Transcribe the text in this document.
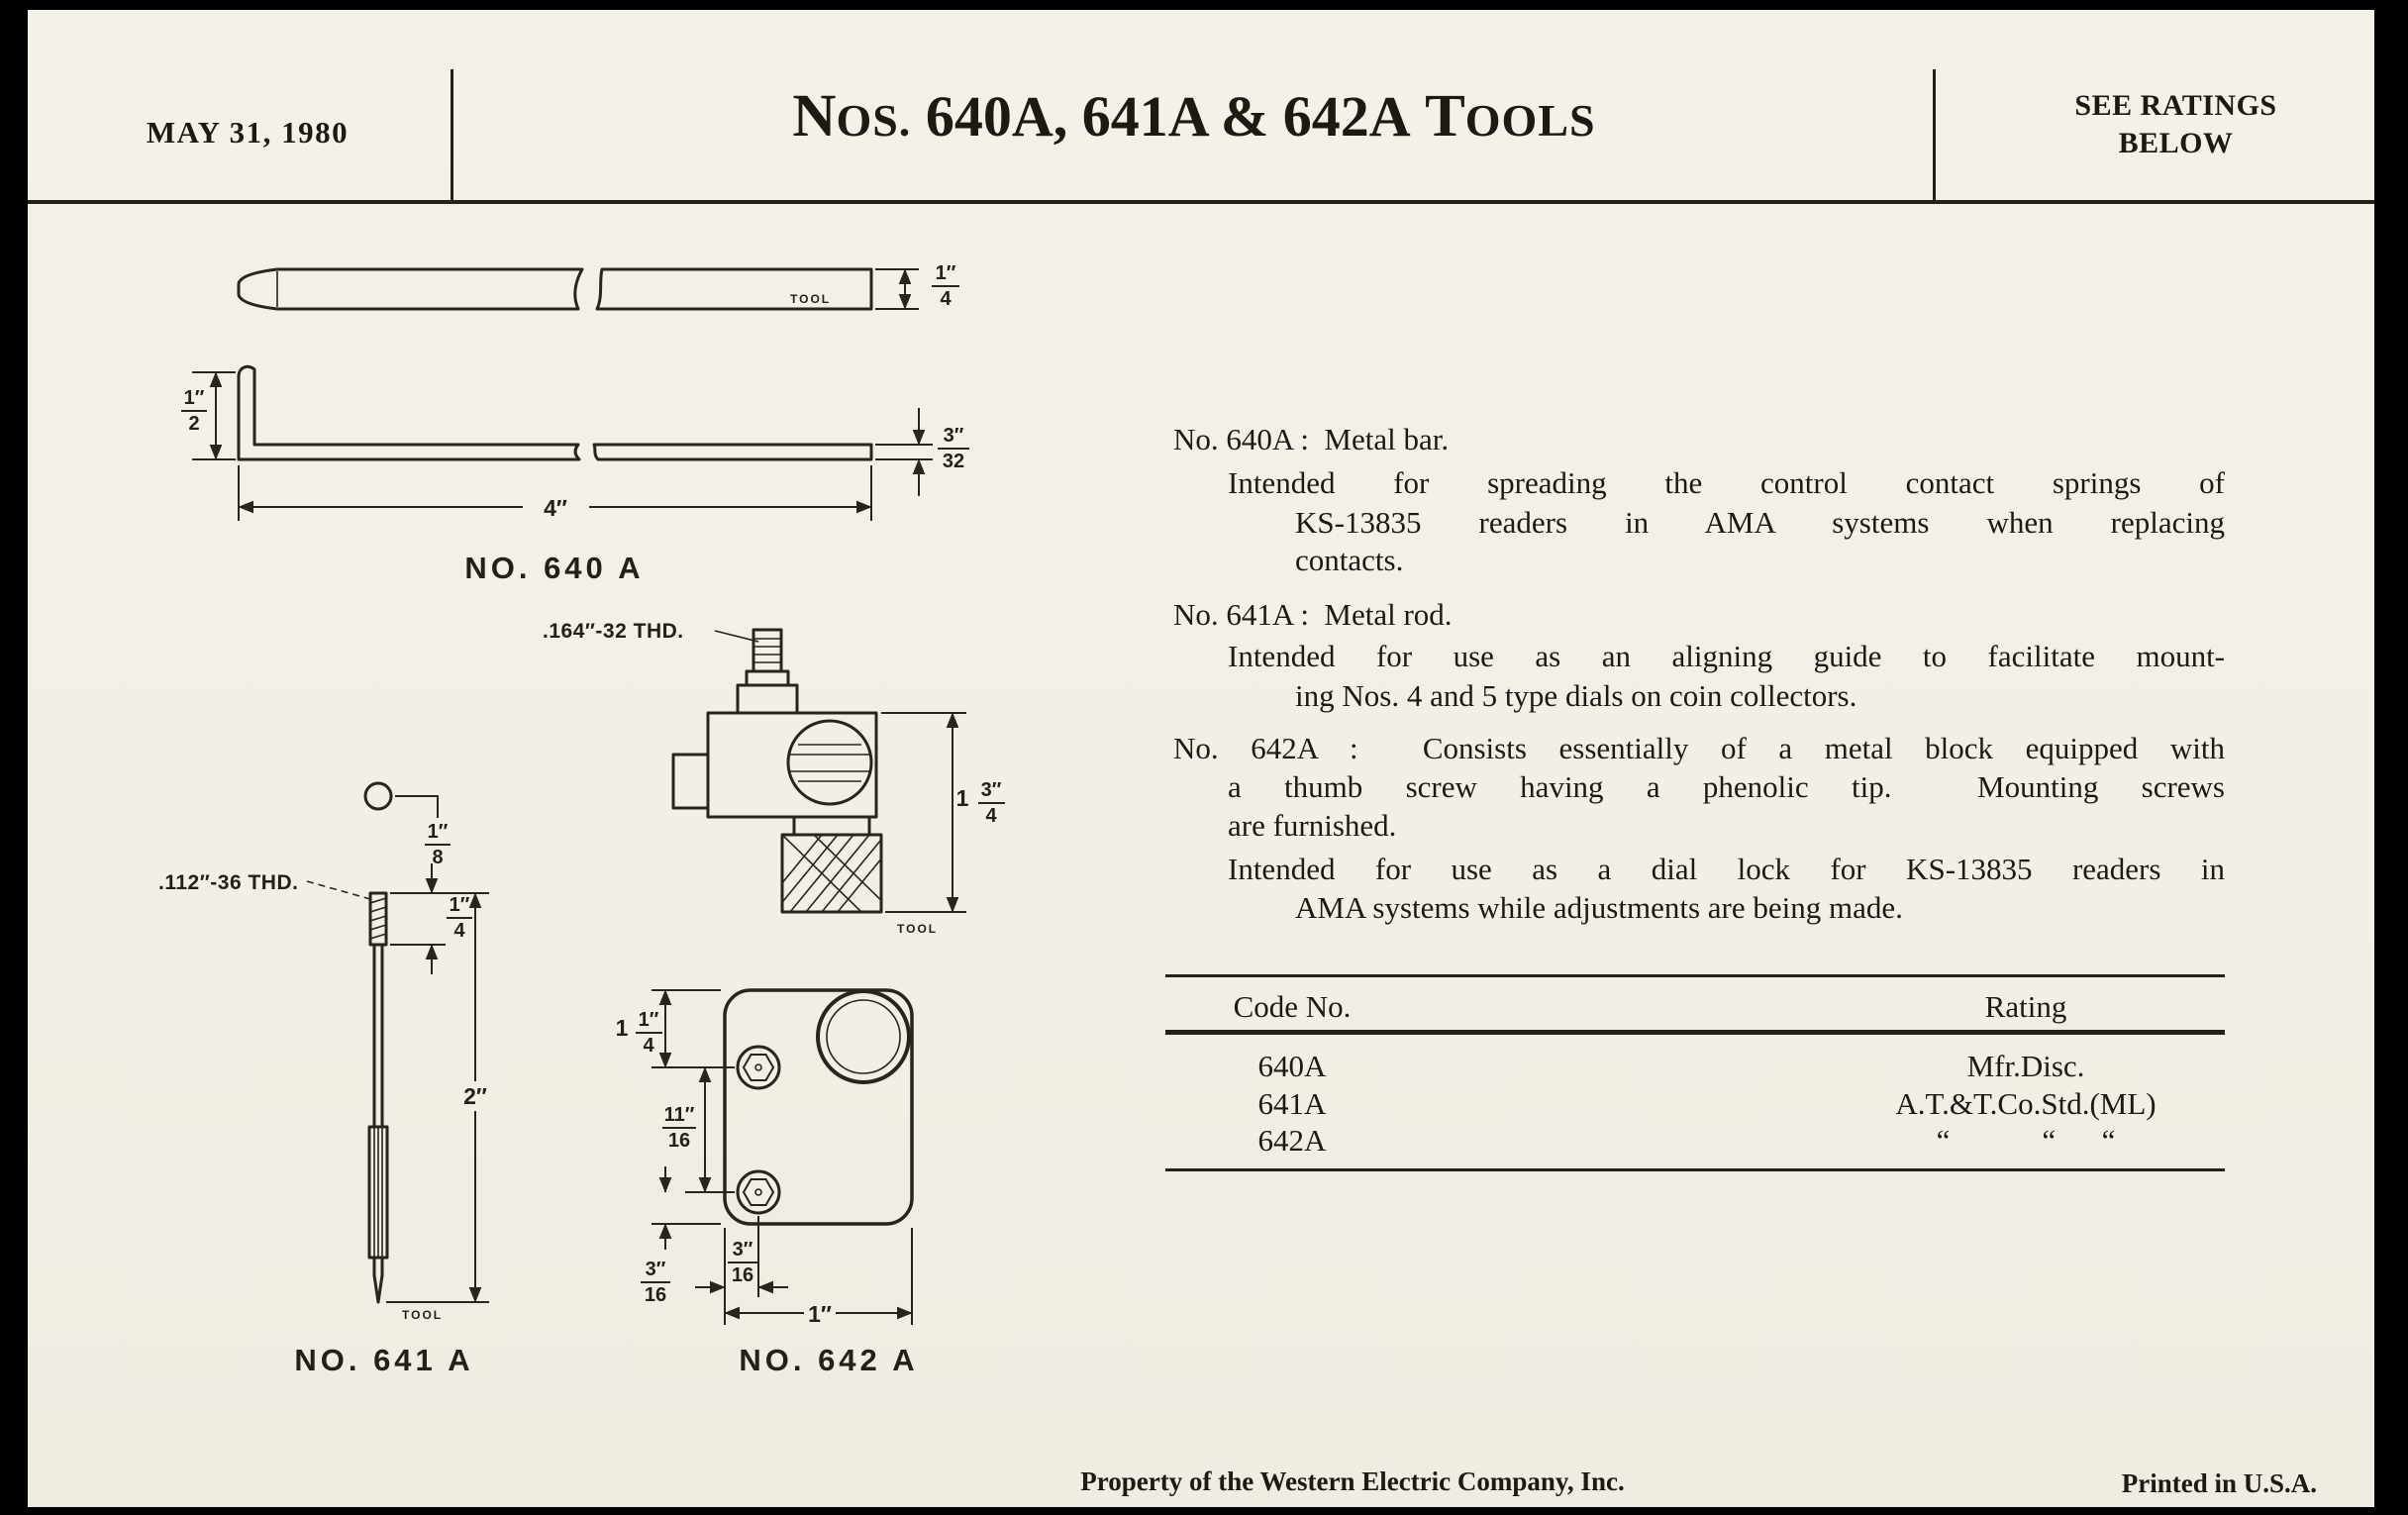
MAY 31, 1980	NOS. 640A, 641A & 642A TOOLS	SEE RATINGS
BELOW
TOOL
1″
4
1″
2
3″
32
4″
NO. 640 A
.164″-32 THD.
1 3″
4
TOOL
1″
8
.112″-36 THD.
1″
4
2″
TOOL
NO. 641 A
1 1″
4
11″
16
3″
16
3″
16
1″
NO. 642 A
No. 640A :  Metal bar.
Intended for spreading the control contact springs of
KS-13835 readers in AMA systems when replacing
contacts.
No. 641A :  Metal rod.
Intended for use as an aligning guide to facilitate mount-
ing Nos. 4 and 5 type dials on coin collectors.
No. 642A :  Consists essentially of a metal block equipped with
a thumb screw having a phenolic tip.  Mounting screws
are furnished.
Intended for use as a dial lock for KS-13835 readers in
AMA systems while adjustments are being made.
Code No.	Rating
640A	Mfr.Disc.
641A	A.T.&T.Co.Std.(ML)
642A	“            “      “
Property of the Western Electric Company, Inc.	Printed in U.S.A.
